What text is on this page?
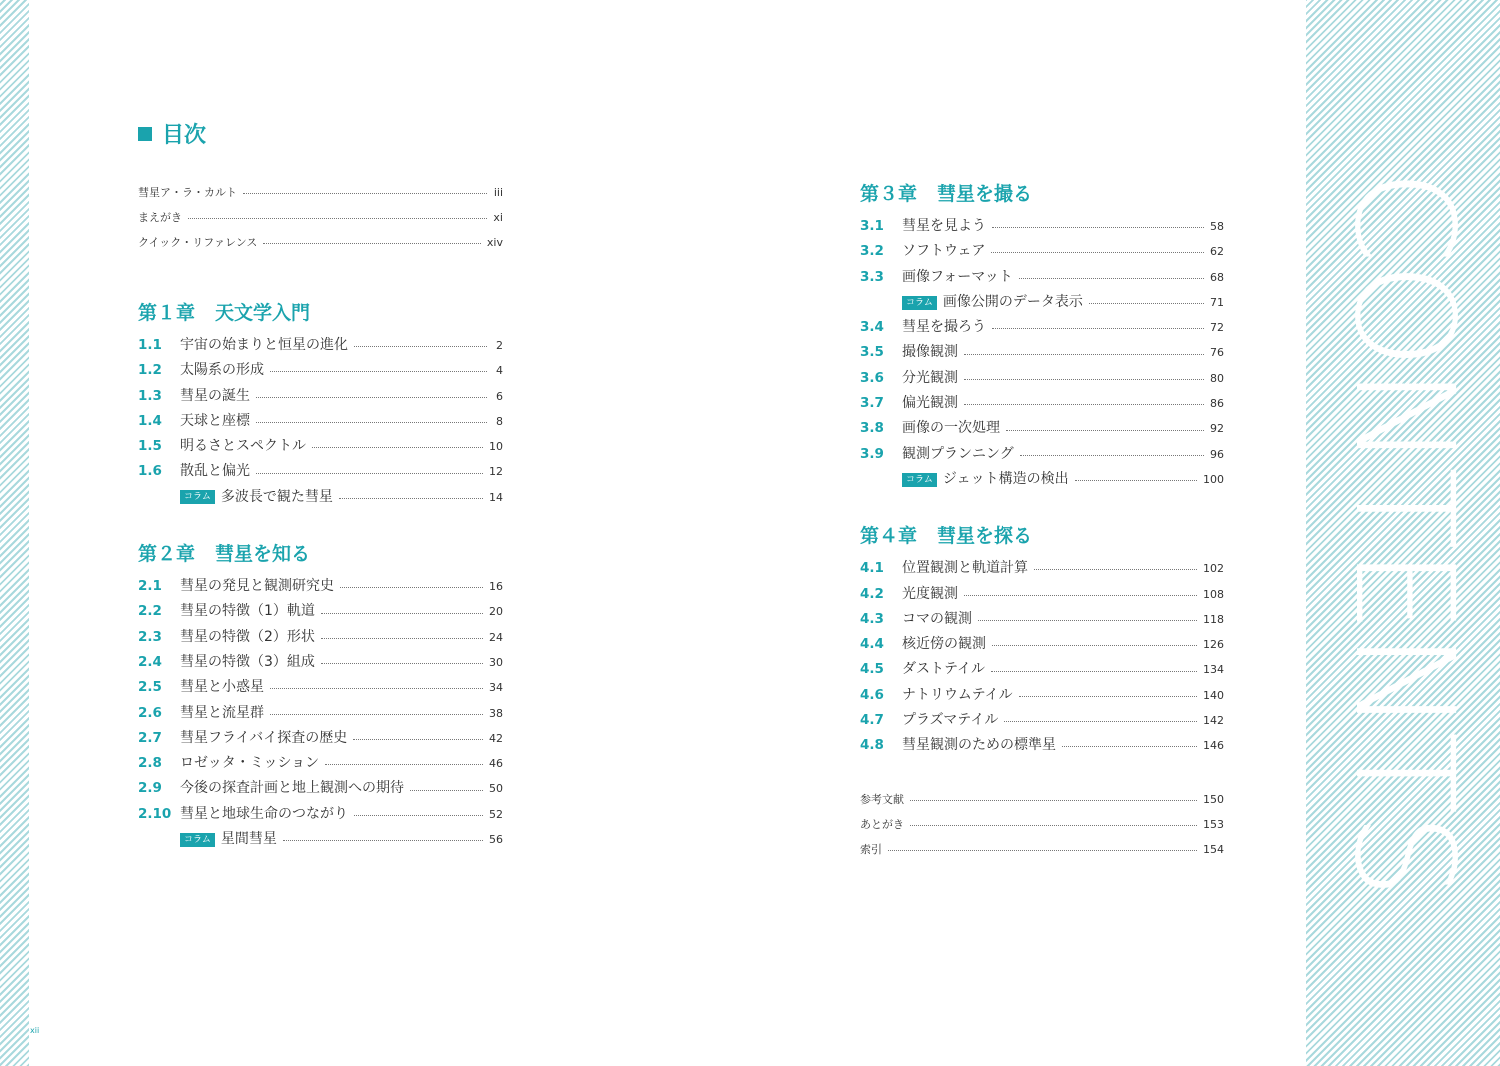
CONTENTS
xii
目次
彗星ア・ラ・カルト	iii
まえがき	xi
クイック・リファレンス	xiv
第１章 天文学入門
1.1	宇宙の始まりと恒星の進化	2
1.2	太陽系の形成	4
1.3	彗星の誕生	6
1.4	天球と座標	8
1.5	明るさとスペクトル	10
1.6	散乱と偏光	12
コラム 多波長で観た彗星	14
第２章 彗星を知る
2.1	彗星の発見と観測研究史	16
2.2	彗星の特徴（1）軌道	20
2.3	彗星の特徴（2）形状	24
2.4	彗星の特徴（3）組成	30
2.5	彗星と小惑星	34
2.6	彗星と流星群	38
2.7	彗星フライバイ探査の歴史	42
2.8	ロゼッタ・ミッション	46
2.9	今後の探査計画と地上観測への期待	50
2.10 彗星と地球生命のつながり	52
コラム 星間彗星	56
第３章 彗星を撮る
3.1	彗星を見よう	58
3.2	ソフトウェア	62
3.3	画像フォーマット	68
コラム 画像公開のデータ表示	71
3.4	彗星を撮ろう	72
3.5	撮像観測	76
3.6	分光観測	80
3.7	偏光観測	86
3.8	画像の一次処理	92
3.9	観測プランニング	96
コラム ジェット構造の検出	100
第４章 彗星を探る
4.1	位置観測と軌道計算	102
4.2	光度観測	108
4.3	コマの観測	118
4.4	核近傍の観測	126
4.5	ダストテイル	134
4.6	ナトリウムテイル	140
4.7	プラズマテイル	142
4.8	彗星観測のための標準星	146
参考文献	150
あとがき	153
索引	154
